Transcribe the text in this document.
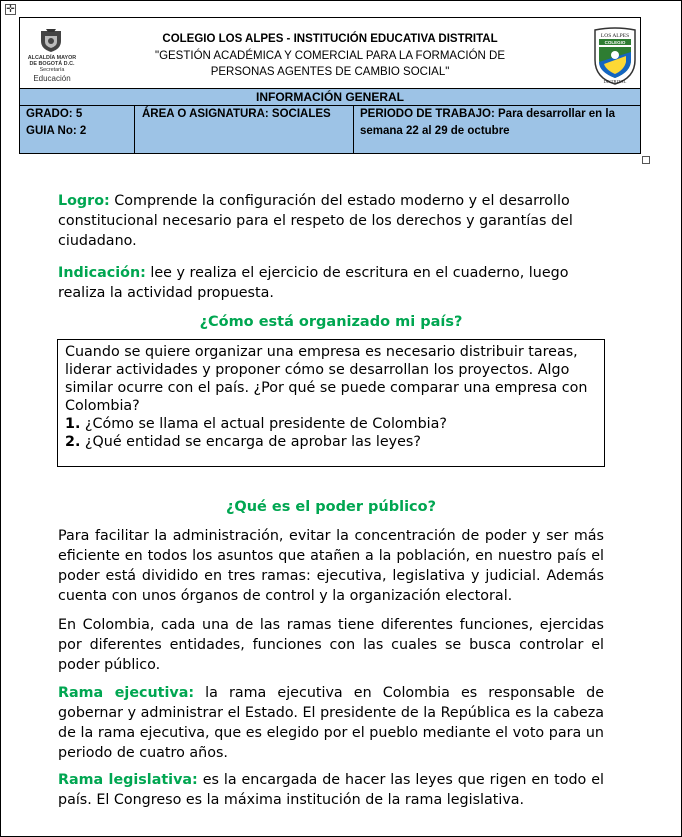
✛
ALCALDÍA MAYOR
DE BOGOTÁ D.C.
Secretaría
Educación
COLEGIO LOS ALPES - INSTITUCIÓN EDUCATIVA DISTRITAL
"GESTIÓN ACADÉMICA Y COMERCIAL PARA LA FORMACIÓN DE
PERSONAS AGENTES DE CAMBIO SOCIAL"
LOS ALPES
COLEGIO
DISTRITAL
INFORMACIÓN GENERAL
GRADO: 5
GUIA No: 2
ÁREA O ASIGNATURA: SOCIALES	PERIODO DE TRABAJO: Para desarrollar en la
semana 22 al 29 de octubre
Logro: Comprende la configuración del estado moderno y el desarrollo constitucional necesario para el respeto de los derechos y garantías del ciudadano.
Indicación: lee y realiza el ejercicio de escritura en el cuaderno, luego realiza la actividad propuesta.
¿Cómo está organizado mi país?
Cuando se quiere organizar una empresa es necesario distribuir tareas, liderar actividades y proponer cómo se desarrollan los proyectos. Algo similar ocurre con el país. ¿Por qué se puede comparar una empresa con Colombia?
1. ¿Cómo se llama el actual presidente de Colombia?
2. ¿Qué entidad se encarga de aprobar las leyes?
¿Qué es el poder público?
Para facilitar la administración, evitar la concentración de poder y ser más eficiente en todos los asuntos que atañen a la población, en nuestro país el poder está dividido en tres ramas: ejecutiva, legislativa y judicial. Además cuenta con unos órganos de control y la organización electoral.
En Colombia, cada una de las ramas tiene diferentes funciones, ejercidas por diferentes entidades, funciones con las cuales se busca controlar el poder público.
Rama ejecutiva: la rama ejecutiva en Colombia es responsable de gobernar y administrar el Estado. El presidente de la República es la cabeza de la rama ejecutiva, que es elegido por el pueblo mediante el voto para un periodo de cuatro años.
Rama legislativa: es la encargada de hacer las leyes que rigen en todo el país. El Congreso es la máxima institución de la rama legislativa.
